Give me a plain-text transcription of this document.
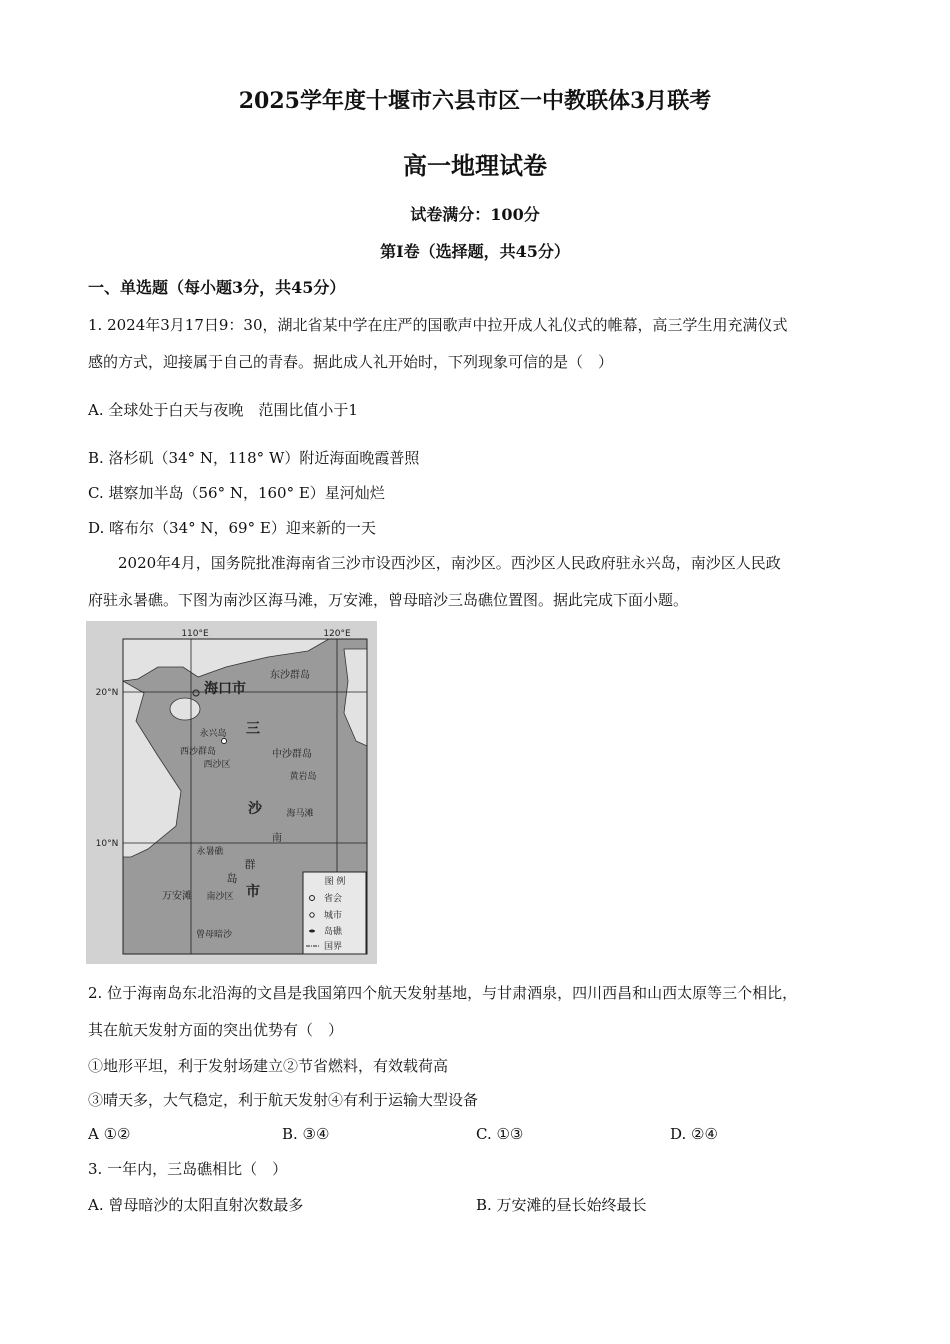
2025学年度十堰市六县市区一中教联体3月联考
高一地理试卷
试卷满分：100分
第Ⅰ卷（选择题，共45分）
一、单选题（每小题3分，共45分）
1. 2024年3月17日9：30，湖北省某中学在庄严的国歌声中拉开成人礼仪式的帷幕，高三学生用充满仪式
感的方式，迎接属于自己的青春。据此成人礼开始时，下列现象可信的是（　）
A. 全球处于白天与夜晚　范围比值小于1
B. 洛杉矶（34° N，118° W）附近海面晚霞普照
C. 堪察加半岛（56° N，160° E）星河灿烂
D. 喀布尔（34° N，69° E）迎来新的一天
2020年4月，国务院批准海南省三沙市设西沙区，南沙区。西沙区人民政府驻永兴岛，南沙区人民政
府驻永暑礁。下图为南沙区海马滩，万安滩，曾母暗沙三岛礁位置图。据此完成下面小题。
110°E	120°E
20°N
10°N
东沙群岛
海口市
三
永兴岛
西沙群岛
西沙区
中沙群岛
黄岩岛
沙	海马滩
南
永暑礁
群
岛
市
万安滩 南沙区
曾母暗沙
图 例
省会
城市
岛礁
国界
2. 位于海南岛东北沿海的文昌是我国第四个航天发射基地，与甘肃酒泉，四川西昌和山西太原等三个相比，
其在航天发射方面的突出优势有（　）
①地形平坦，利于发射场建立②节省燃料，有效载荷高
③晴天多，大气稳定，利于航天发射④有利于运输大型设备
A ①②	B. ③④	C. ①③	D. ②④
3. 一年内，三岛礁相比（　）
A. 曾母暗沙的太阳直射次数最多	B. 万安滩的昼长始终最长
